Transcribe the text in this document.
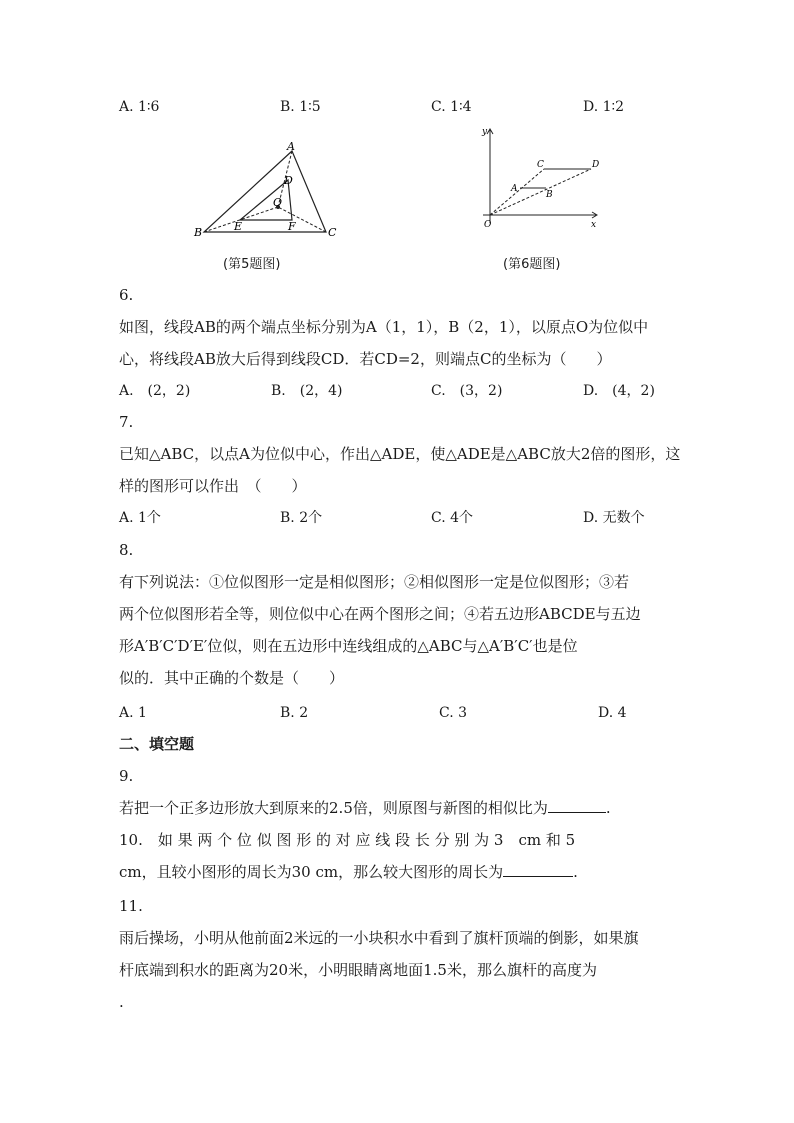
A. 1∶6	B. 1∶5	C. 1∶4	D. 1∶2
A
D
O
B	E	F	C
(第5题图)
y
x
O
A
B
C	D
(第6题图)
6.
如图，线段AB的两个端点坐标分别为A（1，1），B（2，1），以原点O为位似中
心，将线段AB放大后得到线段CD．若CD=2，则端点C的坐标为（　　）
A.　(2，2)	B.　(2，4)	C.　(3，2)	D.　(4，2)
7.
已知△ABC，以点A为位似中心，作出△ADE，使△ADE是△ABC放大2倍的图形，这
样的图形可以作出　（　　）
A. 1个	B. 2个	C. 4个	D. 无数个
8.
有下列说法：①位似图形一定是相似图形；②相似图形一定是位似图形；③若
两个位似图形若全等，则位似中心在两个图形之间；④若五边形ABCDE与五边
形A′B′C′D′E′位似，则在五边形中连线组成的△ABC与△A′B′C′也是位
似的．其中正确的个数是（　　）
A. 1	B. 2	C. 3	D. 4
二、填空题
9.
若把一个正多边形放大到原来的2.5倍，则原图与新图的相似比为	.
10.　如 果 两 个 位 似 图 形 的 对 应 线 段 长 分 别 为 3　cm 和 5
cm，且较小图形的周长为30 cm，那么较大图形的周长为	.
11.
雨后操场，小明从他前面2米远的一小块积水中看到了旗杆顶端的倒影，如果旗
杆底端到积水的距离为20米，小明眼睛离地面1.5米，那么旗杆的高度为
.
